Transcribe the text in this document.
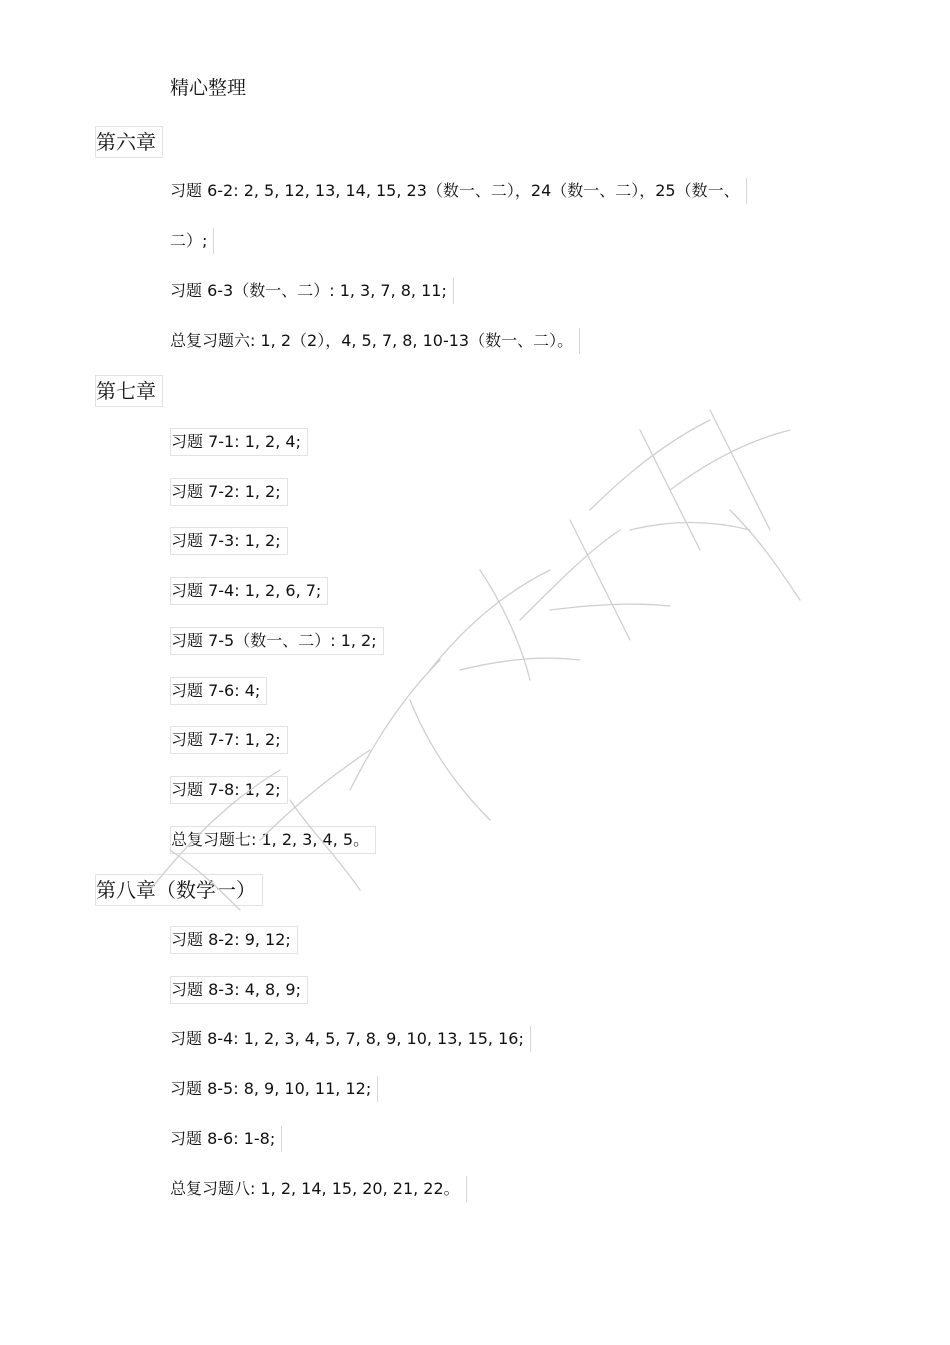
精心整理
第六章
习题 6-2: 2, 5, 12, 13, 14, 15, 23（数一、二），24（数一、二），25（数一、
二）;
习题 6-3（数一、二）: 1, 3, 7, 8, 11;
总复习题六: 1, 2（2），4, 5, 7, 8, 10-13（数一、二）。
第七章
习题 7-1: 1, 2, 4;
习题 7-2: 1, 2;
习题 7-3: 1, 2;
习题 7-4: 1, 2, 6, 7;
习题 7-5（数一、二）: 1, 2;
习题 7-6: 4;
习题 7-7: 1, 2;
习题 7-8: 1, 2;
总复习题七: 1, 2, 3, 4, 5。
第八章（数学一）
习题 8-2: 9, 12;
习题 8-3: 4, 8, 9;
习题 8-4: 1, 2, 3, 4, 5, 7, 8, 9, 10, 13, 15, 16;
习题 8-5: 8, 9, 10, 11, 12;
习题 8-6: 1-8;
总复习题八: 1, 2, 14, 15, 20, 21, 22。
